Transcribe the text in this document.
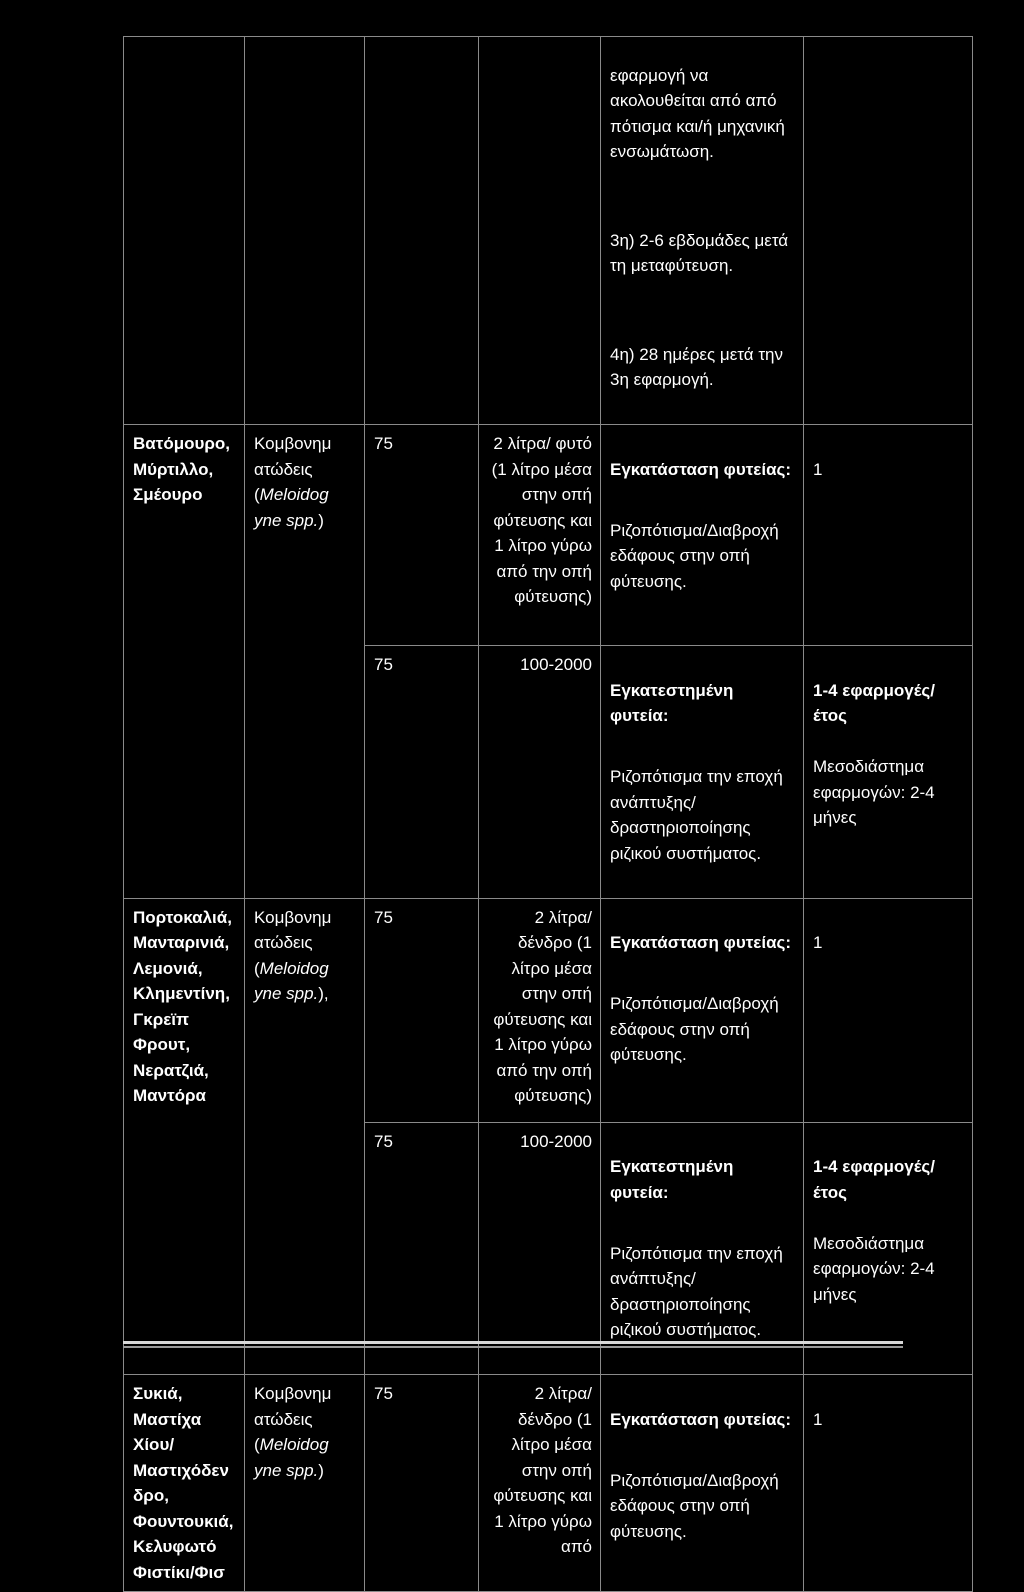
				εφαρμογή να ακολουθείται από από πότισμα και/ή μηχανική ενσωμάτωση.

3η) 2-6 εβδομάδες μετά τη μεταφύτευση.

4η) 28 ημέρες μετά την 3η εφαρμογή.	

Βατόμουρο, Μύρτιλλο, Σμέουρο	Κομβονημ ατώδεις (Meloidog yne spp.)	75	2 λίτρα/ φυτό (1 λίτρο μέσα στην οπή φύτευσης και 1 λίτρο γύρω από την οπή φύτευσης)	Εγκατάσταση φυτείας:

Ριζοπότισμα/Διαβροχή εδάφους στην οπή φύτευσης.	1

		75	100-2000	Εγκατεστημένη φυτεία:

Ριζοπότισμα την εποχή ανάπτυξης/δραστηριοποίησης ριζικού συστήματος.	1-4 εφαρμογές/έτος

Μεσοδιάστημα εφαρμογών: 2-4 μήνες

Πορτοκαλιά, Μανταρινιά, Λεμονιά, Κλημεντίνη, Γκρεϊπ Φρουτ, Νερατζιά, Μαντόρα	Κομβονημ ατώδεις (Meloidog yne spp.),	75	2 λίτρα/ δένδρο (1 λίτρο μέσα στην οπή φύτευσης και 1 λίτρο γύρω από την οπή φύτευσης)	Εγκατάσταση φυτείας:

Ριζοπότισμα/Διαβροχή εδάφους στην οπή φύτευσης.	1

		75	100-2000	Εγκατεστημένη φυτεία:

Ριζοπότισμα την εποχή ανάπτυξης/δραστηριοποίησης ριζικού συστήματος.	1-4 εφαρμογές/έτος

Μεσοδιάστημα εφαρμογών: 2-4 μήνες

Συκιά, Μαστίχα Χίου/Μαστιχόδενδρο, Φουντουκιά, Κελυφωτό Φιστίκι/Φισ	Κομβονημ ατώδεις (Meloidog yne spp.)	75	2 λίτρα/ δένδρο (1 λίτρο μέσα στην οπή φύτευσης και 1 λίτρο γύρω από	Εγκατάσταση φυτείας:

Ριζοπότισμα/Διαβροχή εδάφους στην οπή φύτευσης.	1
